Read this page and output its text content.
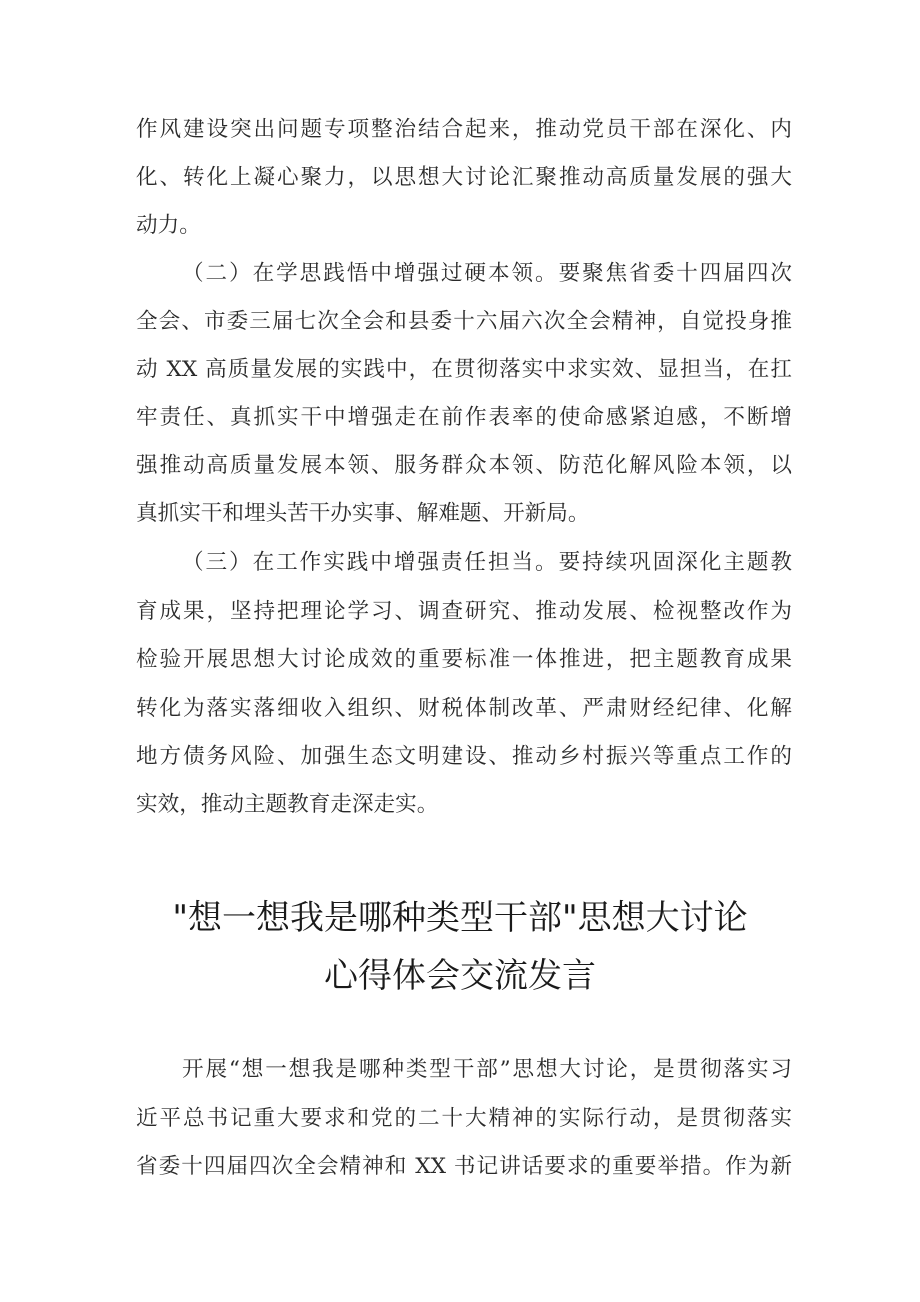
作风建设突出问题专项整治结合起来，推动党员干部在深化、内
化、转化上凝心聚力，以思想大讨论汇聚推动高质量发展的强大
动力。
（二）在学思践悟中增强过硬本领。要聚焦省委十四届四次
全会、市委三届七次全会和县委十六届六次全会精神，自觉投身推
动 XX 高质量发展的实践中，在贯彻落实中求实效、显担当，在扛
牢责任、真抓实干中增强走在前作表率的使命感紧迫感，不断增
强推动高质量发展本领、服务群众本领、防范化解风险本领，以
真抓实干和埋头苦干办实事、解难题、开新局。
（三）在工作实践中增强责任担当。要持续巩固深化主题教
育成果，坚持把理论学习、调查研究、推动发展、检视整改作为
检验开展思想大讨论成效的重要标准一体推进，把主题教育成果
转化为落实落细收入组织、财税体制改革、严肃财经纪律、化解
地方债务风险、加强生态文明建设、推动乡村振兴等重点工作的
实效，推动主题教育走深走实。
"想一想我是哪种类型干部"思想大讨论
心得体会交流发言
开展“想一想我是哪种类型干部”思想大讨论，是贯彻落实习
近平总书记重大要求和党的二十大精神的实际行动，是贯彻落实
省委十四届四次全会精神和 XX 书记讲话要求的重要举措。作为新
